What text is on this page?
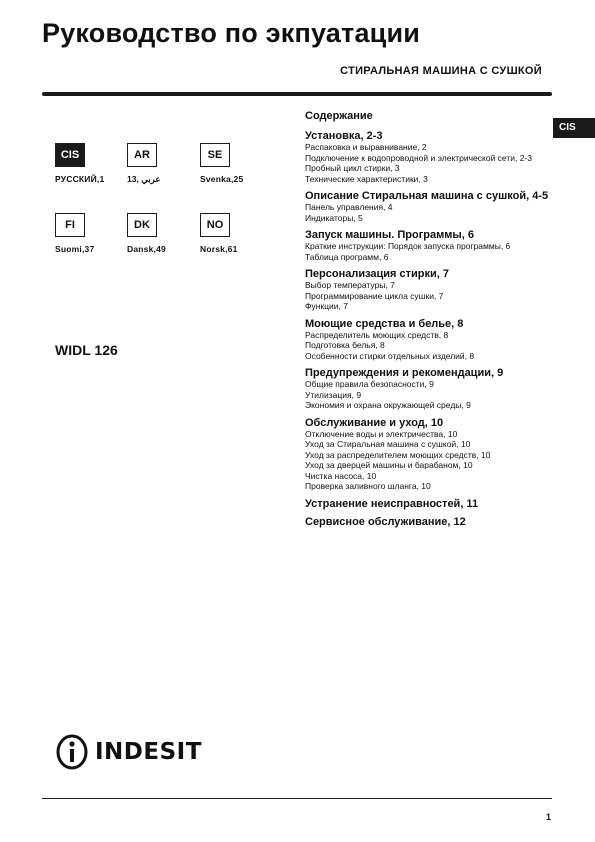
Руководство по экпуатации
СТИРАЛЬНАЯ МАШИНА С СУШКОЙ
CIS
CIS
РУССКИЙ,1
AR
عربي ,13
SE
Svenka,25
FI
Suomi,37
DK
Dansk,49
NO
Norsk,61
WIDL 126
Содержание
Установка, 2-3
Распаковка и выравнивание, 2
Подключение к водопроводной и электрической сети, 2-3
Пробный цикл стирки, 3
Технические характеристики, 3
Описание Стиральная машина с сушкой, 4-5
Панель управления, 4
Индикаторы, 5
Запуск машины. Программы, 6
Краткие инструкции: Порядок запуска программы, 6
Таблица программ, 6
Персонализация стирки, 7
Выбор температуры, 7
Программирование цикла сушки, 7
Функции, 7
Моющие средства и белье, 8
Распределитель моющих средств, 8
Подготовка белья, 8
Особенности стирки отдельных изделий, 8
Предупреждения и рекомендации, 9
Общие правила безопасности, 9
Утилизация, 9
Экономия и охрана окружающей среды, 9
Обслуживание и уход, 10
Отключение воды и электричества, 10
Уход за Стиральная машина с сушкой, 10
Уход за распределителем моющих средств, 10
Уход за дверцей машины и барабаном, 10
Чистка насоса, 10
Проверка заливного шланга, 10
Устранение неисправностей, 11
Сервисное обслуживание, 12
INDESIT
1
